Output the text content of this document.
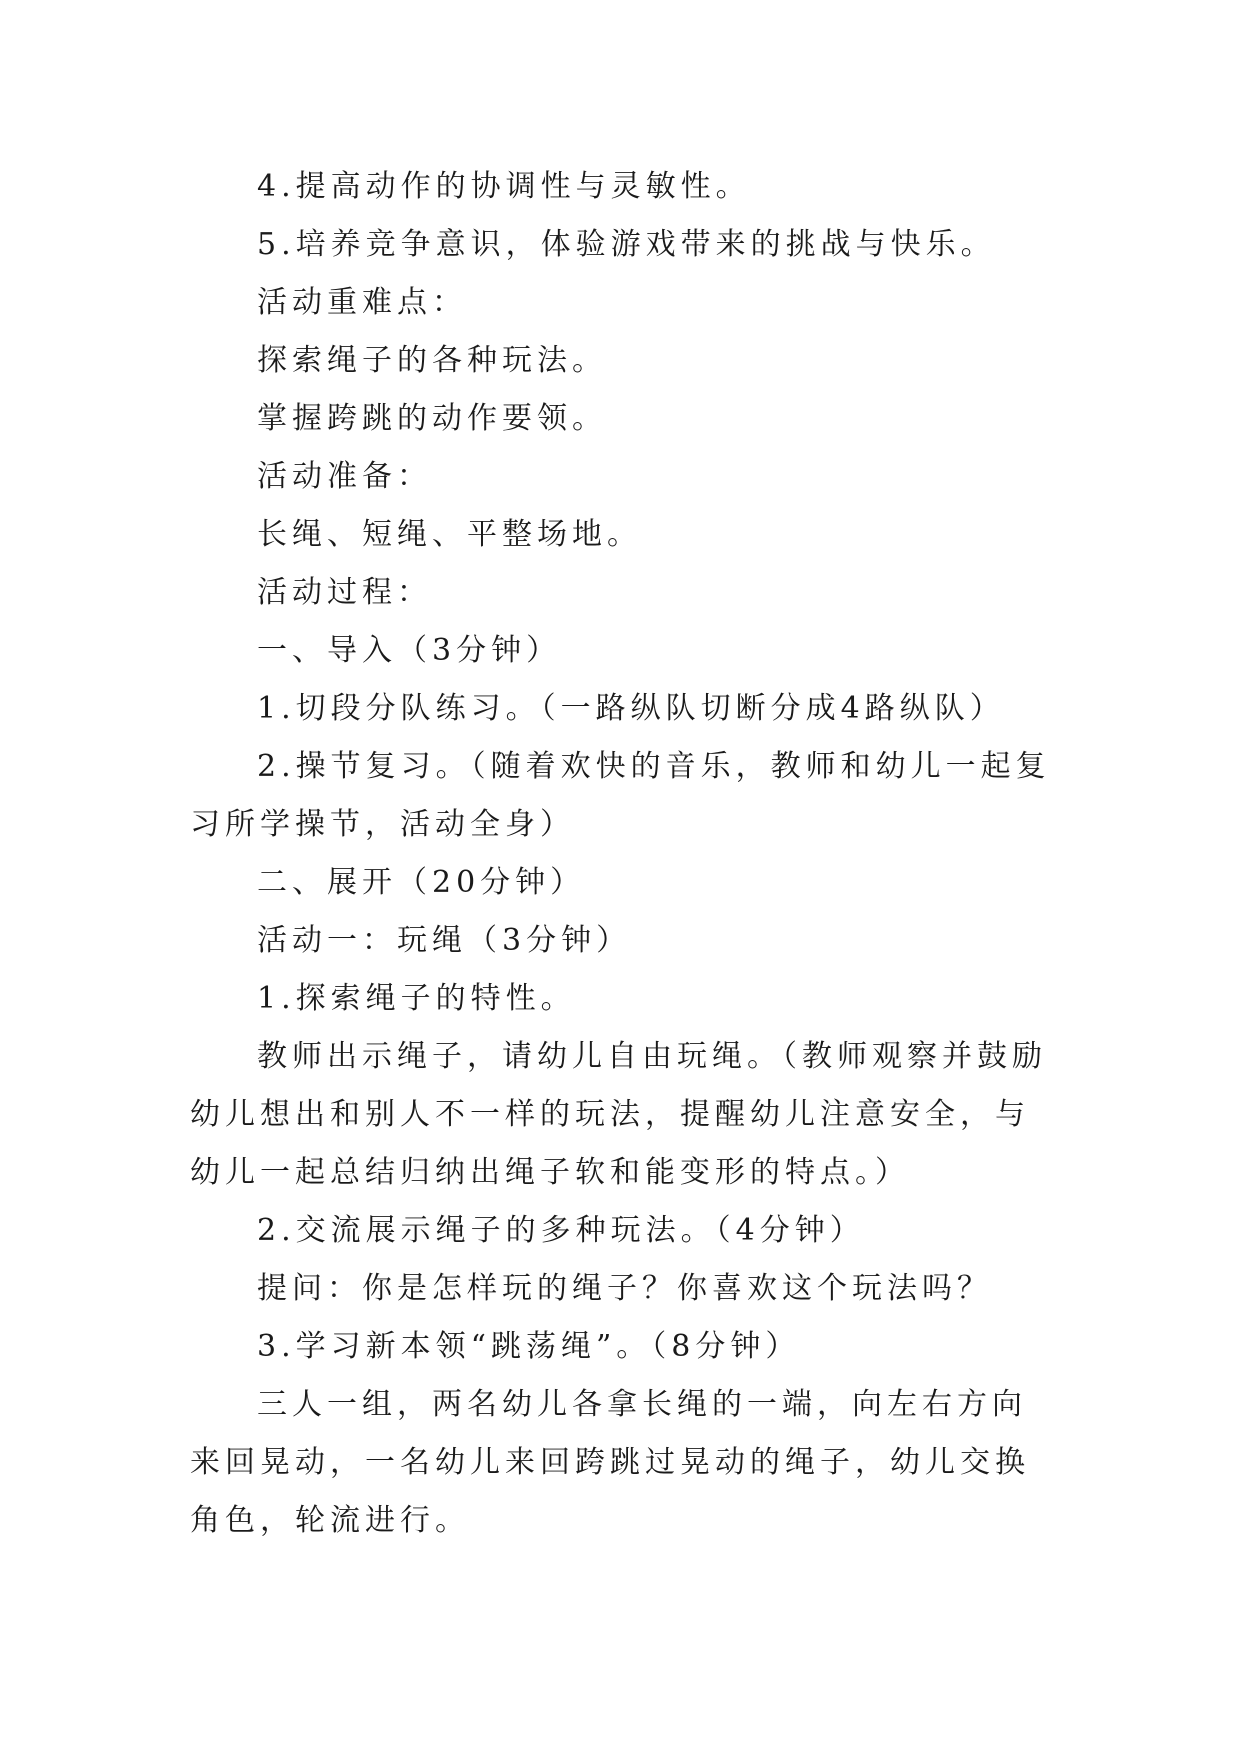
4.提高动作的协调性与灵敏性。

5.培养竞争意识，体验游戏带来的挑战与快乐。

活动重难点：

探索绳子的各种玩法。

掌握跨跳的动作要领。

活动准备：

长绳、短绳、平整场地。

活动过程：

一、导入（3分钟）

1.切段分队练习。（一路纵队切断分成4路纵队）

2.操节复习。（随着欢快的音乐，教师和幼儿一起复习所学操节，活动全身）

二、展开（20分钟）

活动一：玩绳（3分钟）

1.探索绳子的特性。

教师出示绳子，请幼儿自由玩绳。（教师观察并鼓励幼儿想出和别人不一样的玩法，提醒幼儿注意安全，与幼儿一起总结归纳出绳子软和能变形的特点。）

2.交流展示绳子的多种玩法。（4分钟）

提问：你是怎样玩的绳子？你喜欢这个玩法吗？

3.学习新本领“跳荡绳”。（8分钟）

三人一组，两名幼儿各拿长绳的一端，向左右方向来回晃动，一名幼儿来回跨跳过晃动的绳子，幼儿交换角色，轮流进行。
